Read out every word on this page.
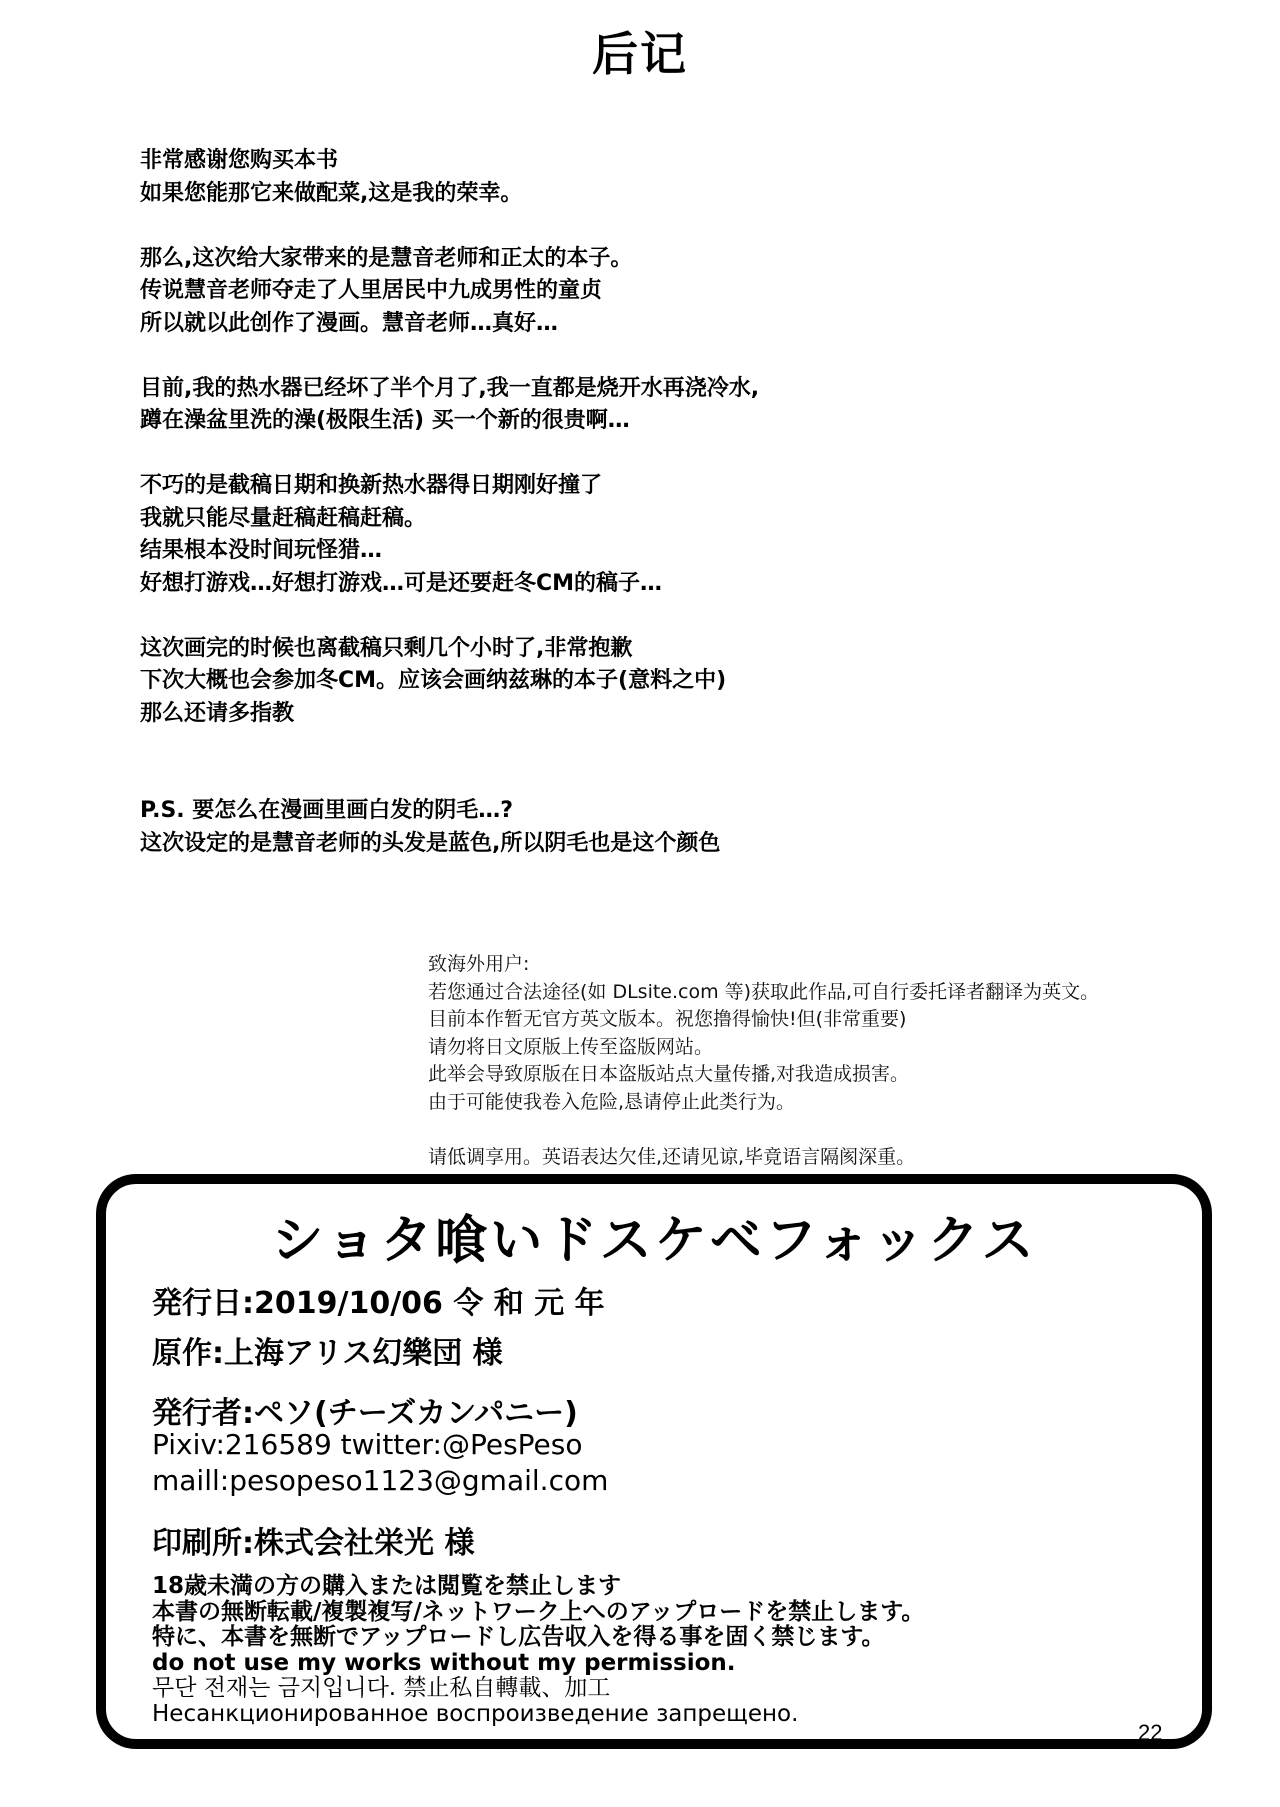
后记
非常感谢您购买本书
如果您能那它来做配菜,这是我的荣幸。
那么,这次给大家带来的是慧音老师和正太的本子。
传说慧音老师夺走了人里居民中九成男性的童贞
所以就以此创作了漫画。慧音老师…真好…
目前,我的热水器已经坏了半个月了,我一直都是烧开水再浇冷水,
蹲在澡盆里洗的澡(极限生活) 买一个新的很贵啊…
不巧的是截稿日期和换新热水器得日期刚好撞了
我就只能尽量赶稿赶稿赶稿。
结果根本没时间玩怪猎…
好想打游戏…好想打游戏…可是还要赶冬CM的稿子…
这次画完的时候也离截稿只剩几个小时了,非常抱歉
下次大概也会参加冬CM。应该会画纳兹琳的本子(意料之中)
那么还请多指教
P.S. 要怎么在漫画里画白发的阴毛…?
这次设定的是慧音老师的头发是蓝色,所以阴毛也是这个颜色
致海外用户:
若您通过合法途径(如 DLsite.com 等)获取此作品,可自行委托译者翻译为英文。
目前本作暂无官方英文版本。祝您撸得愉快!但(非常重要)
请勿将日文原版上传至盗版网站。
此举会导致原版在日本盗版站点大量传播,对我造成损害。
由于可能使我卷入危险,恳请停止此类行为。
请低调享用。英语表达欠佳,还请见谅,毕竟语言隔阂深重。
ショタ喰いドスケベフォックス
発行日:2019/10/06 令 和 元 年
原作:上海アリス幻樂団 様
発行者:ペソ(チーズカンパニー)
Pixiv:216589 twitter:@PesPeso
maill:pesopeso1123@gmail.com
印刷所:株式会社栄光 様
18歳未満の方の購入または閲覧を禁止します
本書の無断転載/複製複写/ネットワーク上へのアップロードを禁止します。
特に、本書を無断でアップロードし広告収入を得る事を固く禁じます。
do not use my works without my permission.
무단 전재는 금지입니다. 禁止私自轉載、加工
Несанкционированное воспроизведение запрещено.
22
